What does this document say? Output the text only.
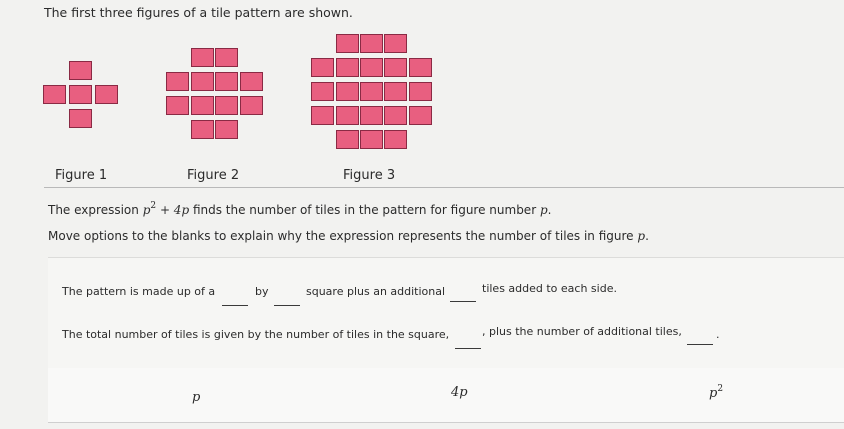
The first three figures of a tile pattern are shown.
Figure 1	Figure 2	Figure 3
The expression $p^2 + 4p$ finds the number of tiles in the pattern for figure number p.
Move options to the blanks to explain why the expression represents the number of tiles in figure p.
The pattern is made up of a	by	square plus an additional	tiles added to each side.
The total number of tiles is given by the number of tiles in the square,	, plus the number of additional tiles,	.
p	4p	$p^2$
